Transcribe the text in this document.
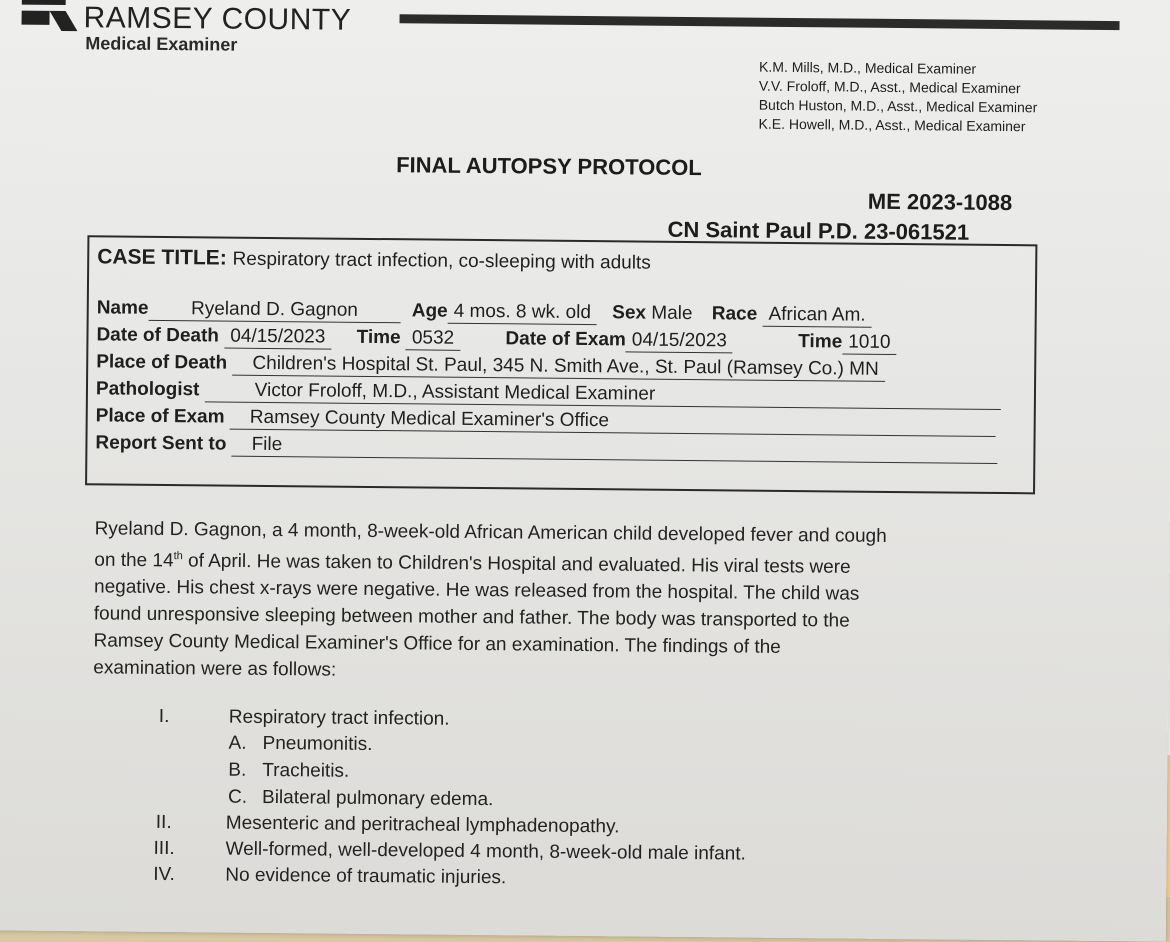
RAMSEY COUNTY
Medical Examiner
K.M. Mills, M.D., Medical Examiner
V.V. Froloff, M.D., Asst., Medical Examiner
Butch Huston, M.D., Asst., Medical Examiner
K.E. Howell, M.D., Asst., Medical Examiner
FINAL AUTOPSY PROTOCOL
ME 2023-1088
CN Saint Paul P.D. 23-061521
CASE TITLE: Respiratory tract infection, co-sleeping with adults
Name Ryeland D. Gagnon	Age 4 mos. 8 wk. old Sex Male Race African Am.
Date of Death 04/15/2023 Time 0532	Date of Exam 04/15/2023	Time 1010
Place of Death Children's Hospital St. Paul, 345 N. Smith Ave., St. Paul (Ramsey Co.) MN
Pathologist	Victor Froloff, M.D., Assistant Medical Examiner
Place of Exam Ramsey County Medical Examiner's Office
Report Sent to File
Ryeland D. Gagnon, a 4 month, 8-week-old African American child developed fever and cough
on the 14th of April. He was taken to Children's Hospital and evaluated. His viral tests were
negative. His chest x-rays were negative. He was released from the hospital. The child was
found unresponsive sleeping between mother and father. The body was transported to the
Ramsey County Medical Examiner's Office for an examination. The findings of the
examination were as follows:
I.	Respiratory tract infection.
A. Pneumonitis.
B. Tracheitis.
C. Bilateral pulmonary edema.
II.	Mesenteric and peritracheal lymphadenopathy.
III.	Well-formed, well-developed 4 month, 8-week-old male infant.
IV.	No evidence of traumatic injuries.
